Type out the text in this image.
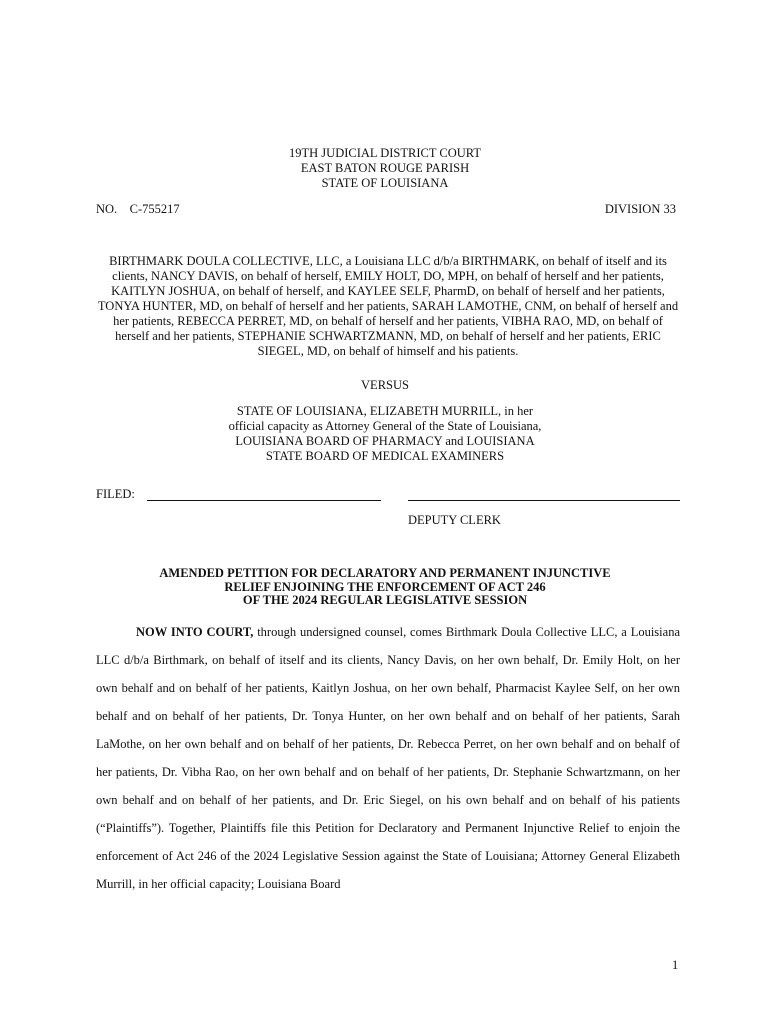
19TH JUDICIAL DISTRICT COURT
EAST BATON ROUGE PARISH
STATE OF LOUISIANA
NO.    C-755217	DIVISION 33
BIRTHMARK DOULA COLLECTIVE, LLC, a Louisiana LLC d/b/a BIRTHMARK, on behalf of itself and its clients, NANCY DAVIS, on behalf of herself, EMILY HOLT, DO, MPH, on behalf of herself and her patients, KAITLYN JOSHUA, on behalf of herself, and KAYLEE SELF, PharmD, on behalf of herself and her patients, TONYA HUNTER, MD, on behalf of herself and her patients, SARAH LAMOTHE, CNM, on behalf of herself and her patients, REBECCA PERRET, MD, on behalf of herself and her patients, VIBHA RAO, MD, on behalf of herself and her patients, STEPHANIE SCHWARTZMANN, MD, on behalf of herself and her patients, ERIC SIEGEL, MD, on behalf of himself and his patients.
VERSUS
STATE OF LOUISIANA, ELIZABETH MURRILL, in her
official capacity as Attorney General of the State of Louisiana,
LOUISIANA BOARD OF PHARMACY and LOUISIANA
STATE BOARD OF MEDICAL EXAMINERS
FILED:
DEPUTY CLERK
AMENDED PETITION FOR DECLARATORY AND PERMANENT INJUNCTIVE
RELIEF ENJOINING THE ENFORCEMENT OF ACT 246
OF THE 2024 REGULAR LEGISLATIVE SESSION
NOW INTO COURT, through undersigned counsel, comes Birthmark Doula Collective LLC, a Louisiana LLC d/b/a Birthmark, on behalf of itself and its clients, Nancy Davis, on her own behalf, Dr. Emily Holt, on her own behalf and on behalf of her patients, Kaitlyn Joshua, on her own behalf, Pharmacist Kaylee Self, on her own behalf and on behalf of her patients, Dr. Tonya Hunter, on her own behalf and on behalf of her patients, Sarah LaMothe, on her own behalf and on behalf of her patients, Dr. Rebecca Perret, on her own behalf and on behalf of her patients, Dr. Vibha Rao, on her own behalf and on behalf of her patients, Dr. Stephanie Schwartzmann, on her own behalf and on behalf of her patients, and Dr. Eric Siegel, on his own behalf and on behalf of his patients (“Plaintiffs”). Together, Plaintiffs file this Petition for Declaratory and Permanent Injunctive Relief to enjoin the enforcement of Act 246 of the 2024 Legislative Session against the State of Louisiana; Attorney General Elizabeth Murrill, in her official capacity; Louisiana Board
1
